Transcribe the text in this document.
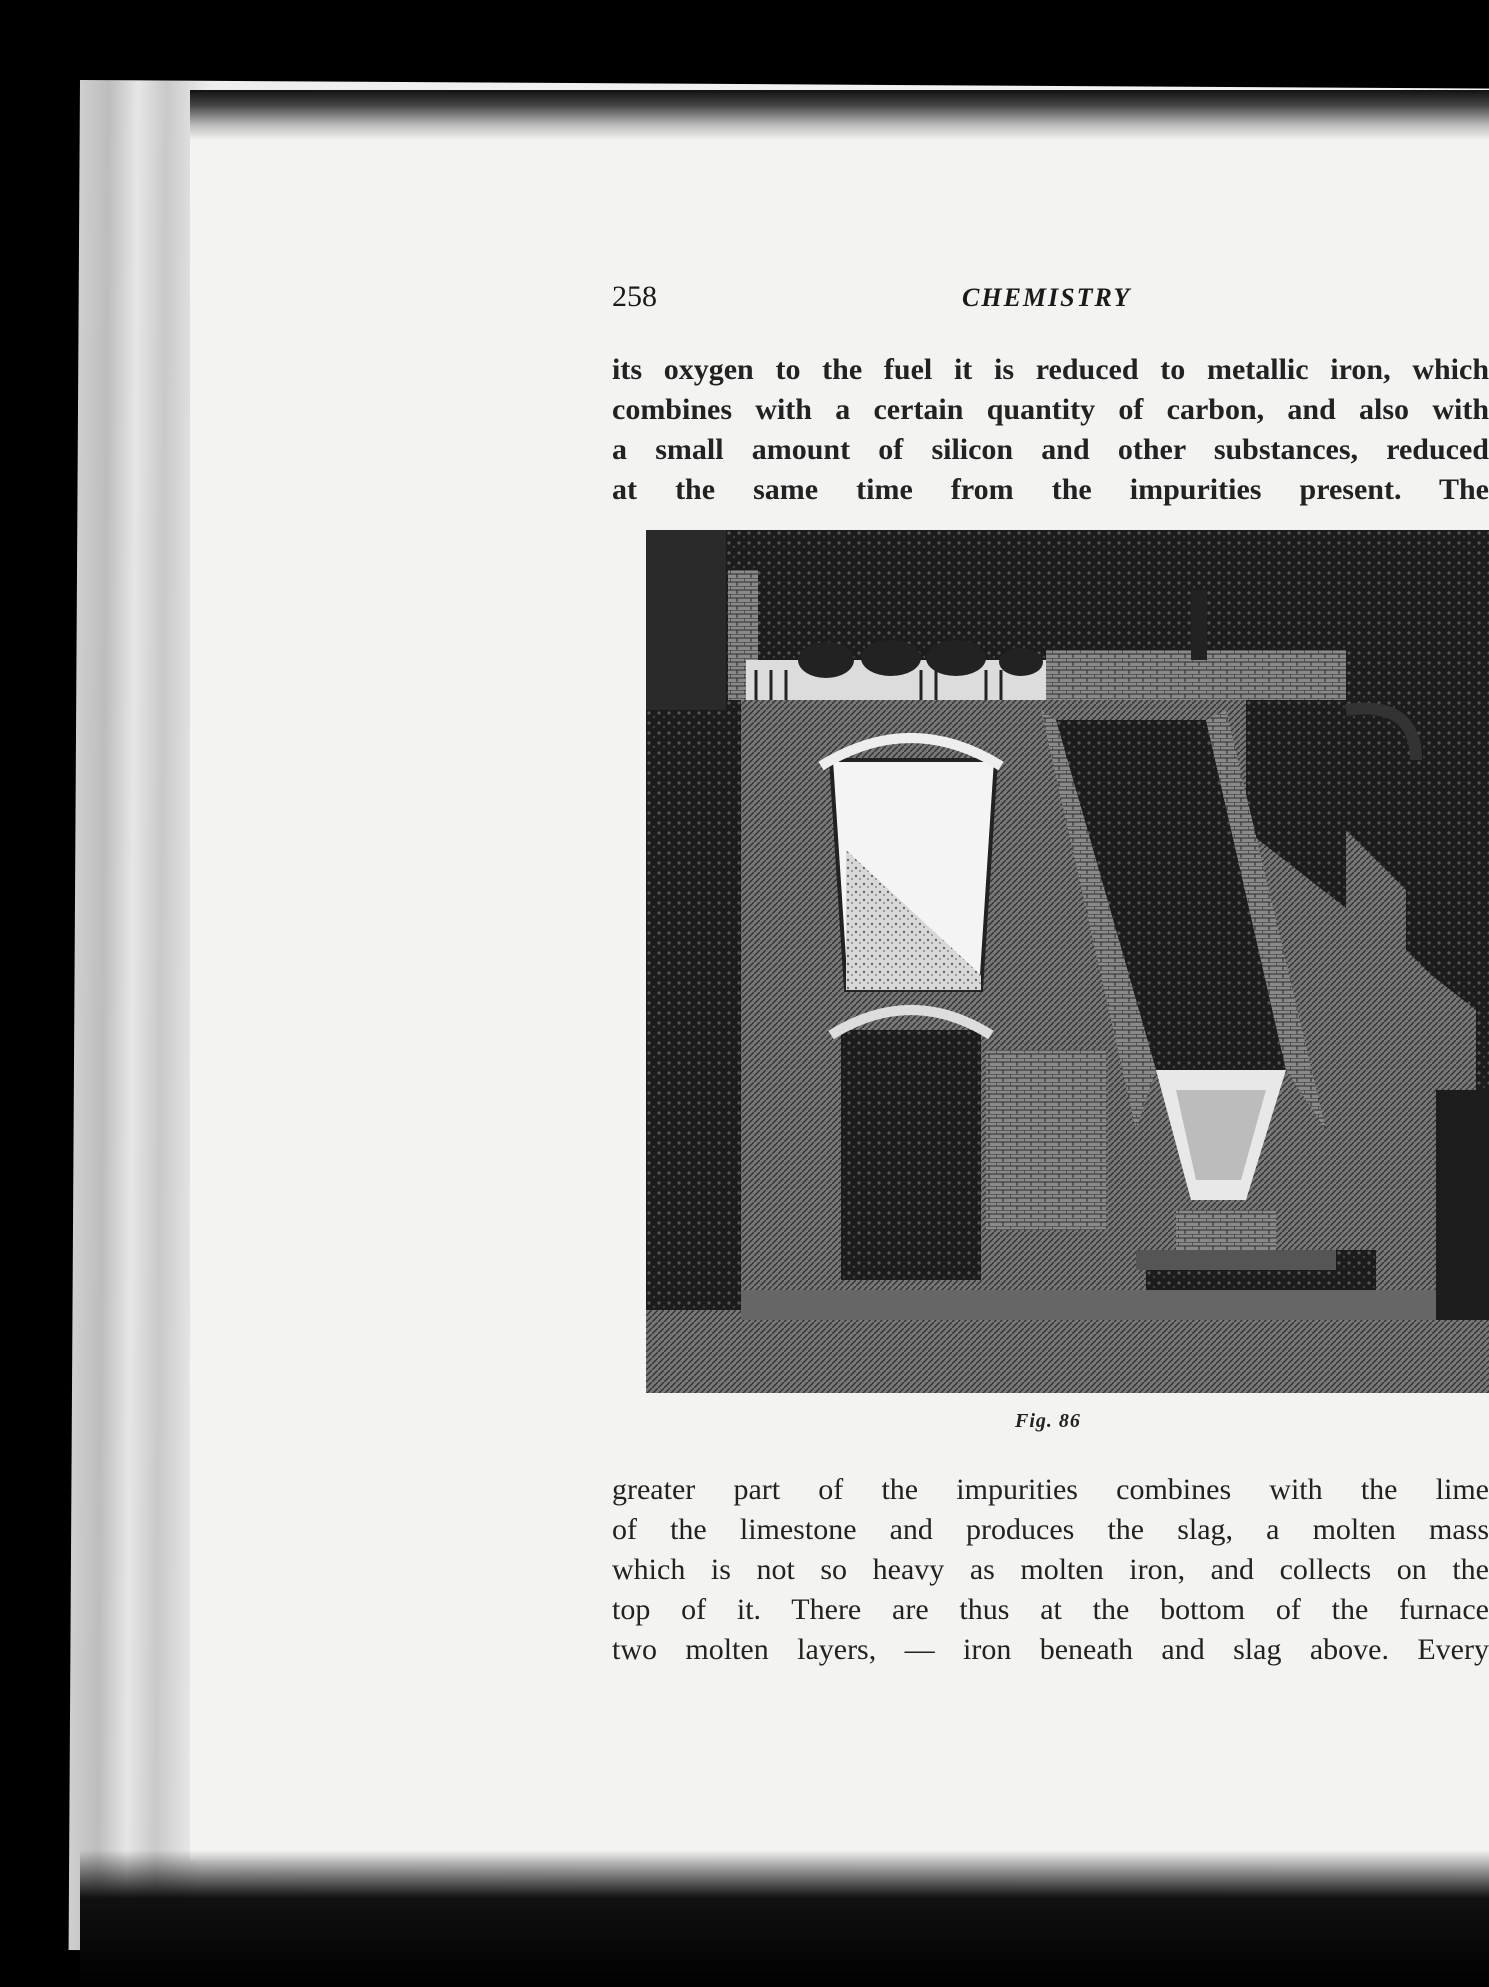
258	CHEMISTRY
its oxygen to the fuel it is reduced to metallic iron, which
combines with a certain quantity of carbon, and also with
a small amount of silicon and other substances, reduced
at the same time from the impurities present. The
Fig. 86
greater part of the impurities combines with the lime
of the limestone and produces the slag, a molten mass
which is not so heavy as molten iron, and collects on the
top of it. There are thus at the bottom of the furnace
two molten layers, — iron beneath and slag above. Every
